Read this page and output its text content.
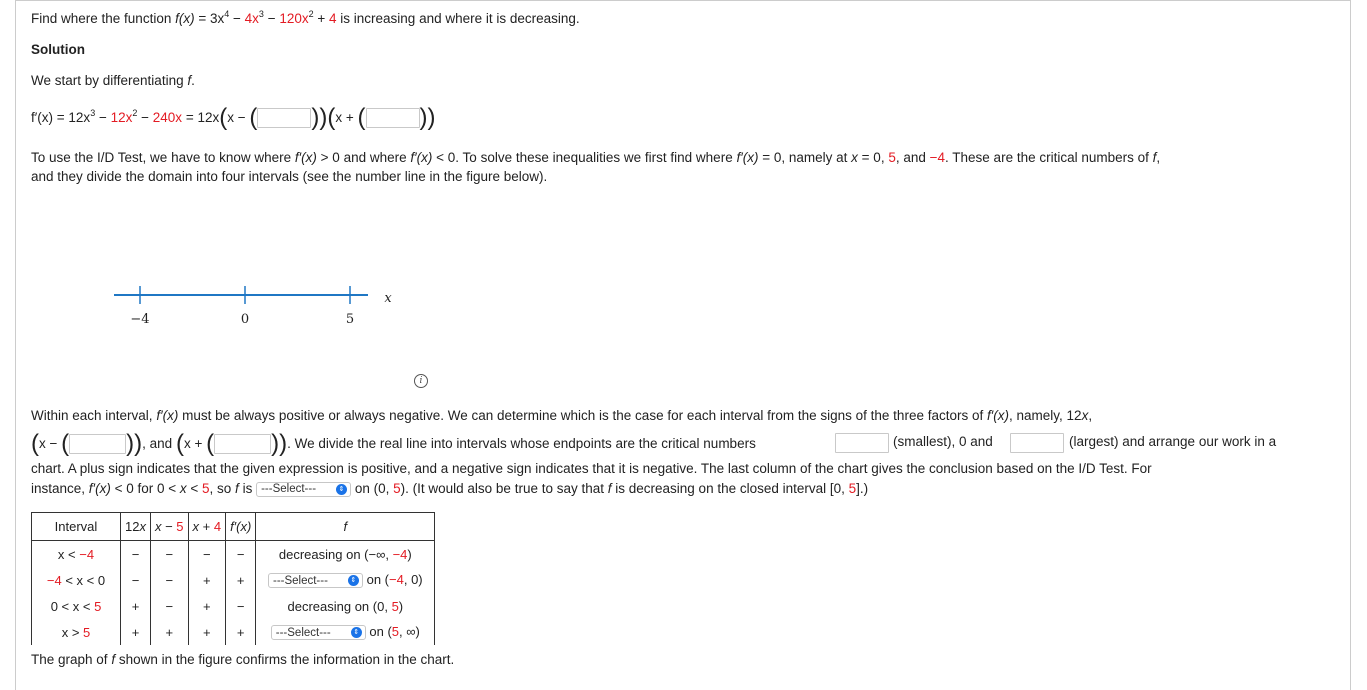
Find where the function $f(x) = 3x^4 - 4x^3 - 120x^2 + 4$ is increasing and where it is decreasing.
Solution
We start by differentiating f.
$f'(x) = 12x^3 - 12x^2 - 240x = 12x(x$ − ( ))(x + ( ))
To use the I/D Test, we have to know where f′(x) > 0 and where f′(x) < 0. To solve these inequalities we first find where f′(x) = 0, namely at x = 0, 5, and −4. These are the critical numbers of f,
and they divide the domain into four intervals (see the number line in the figure below).
−4	0	5
x
i
Within each interval, f′(x) must be always positive or always negative. We can determine which is the case for each interval from the signs of the three factors of f′(x), namely, 12x,
(x − ( )), and (x + ( )). We divide the real line into intervals whose endpoints are the critical numbers	(smallest), 0 and	(largest) and arrange our work in a
chart. A plus sign indicates that the given expression is positive, and a negative sign indicates that it is negative. The last column of the chart gives the conclusion based on the I/D Test. For
instance, f′(x) < 0 for 0 < x < 5, so f is ---Select---	⇕ on (0, 5). (It would also be true to say that f is decreasing on the closed interval [0, 5].)
Interval	12x	x − 5	x + 4	f′(x)	f
x < −4	−	−	−	−	decreasing on (−∞, −4)
−4 < x < 0	−	−	+	+	---Select--- ⇕ on (−4, 0)
0 < x < 5	+	−	+	−	decreasing on (0, 5)
x > 5	+	+	+	+	---Select--- ⇕ on (5, ∞)
The graph of f shown in the figure confirms the information in the chart.
